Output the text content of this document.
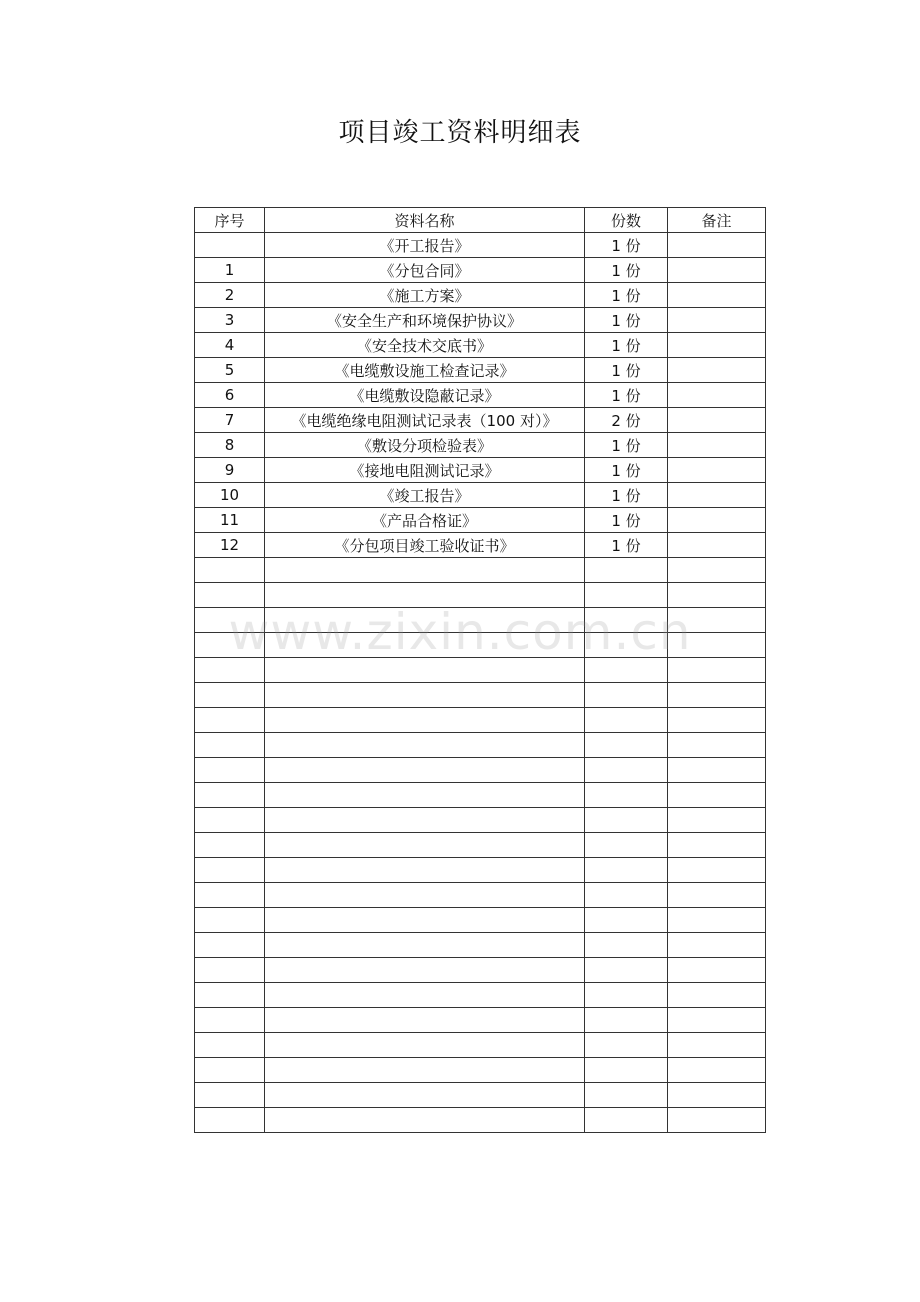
项目竣工资料明细表
序号	资料名称	份数	备注
	《开工报告》	1 份	
1	《分包合同》	1 份	
2	《施工方案》	1 份	
3	《安全生产和环境保护协议》	1 份	
4	《安全技术交底书》	1 份	
5	《电缆敷设施工检查记录》	1 份	
6	《电缆敷设隐蔽记录》	1 份	
7	《电缆绝缘电阻测试记录表（100 对）》	2 份	
8	《敷设分项检验表》	1 份	
9	《接地电阻测试记录》	1 份	
10	《竣工报告》	1 份	
11	《产品合格证》	1 份	
12	《分包项目竣工验收证书》	1 份	

www.zixin.com.cn
